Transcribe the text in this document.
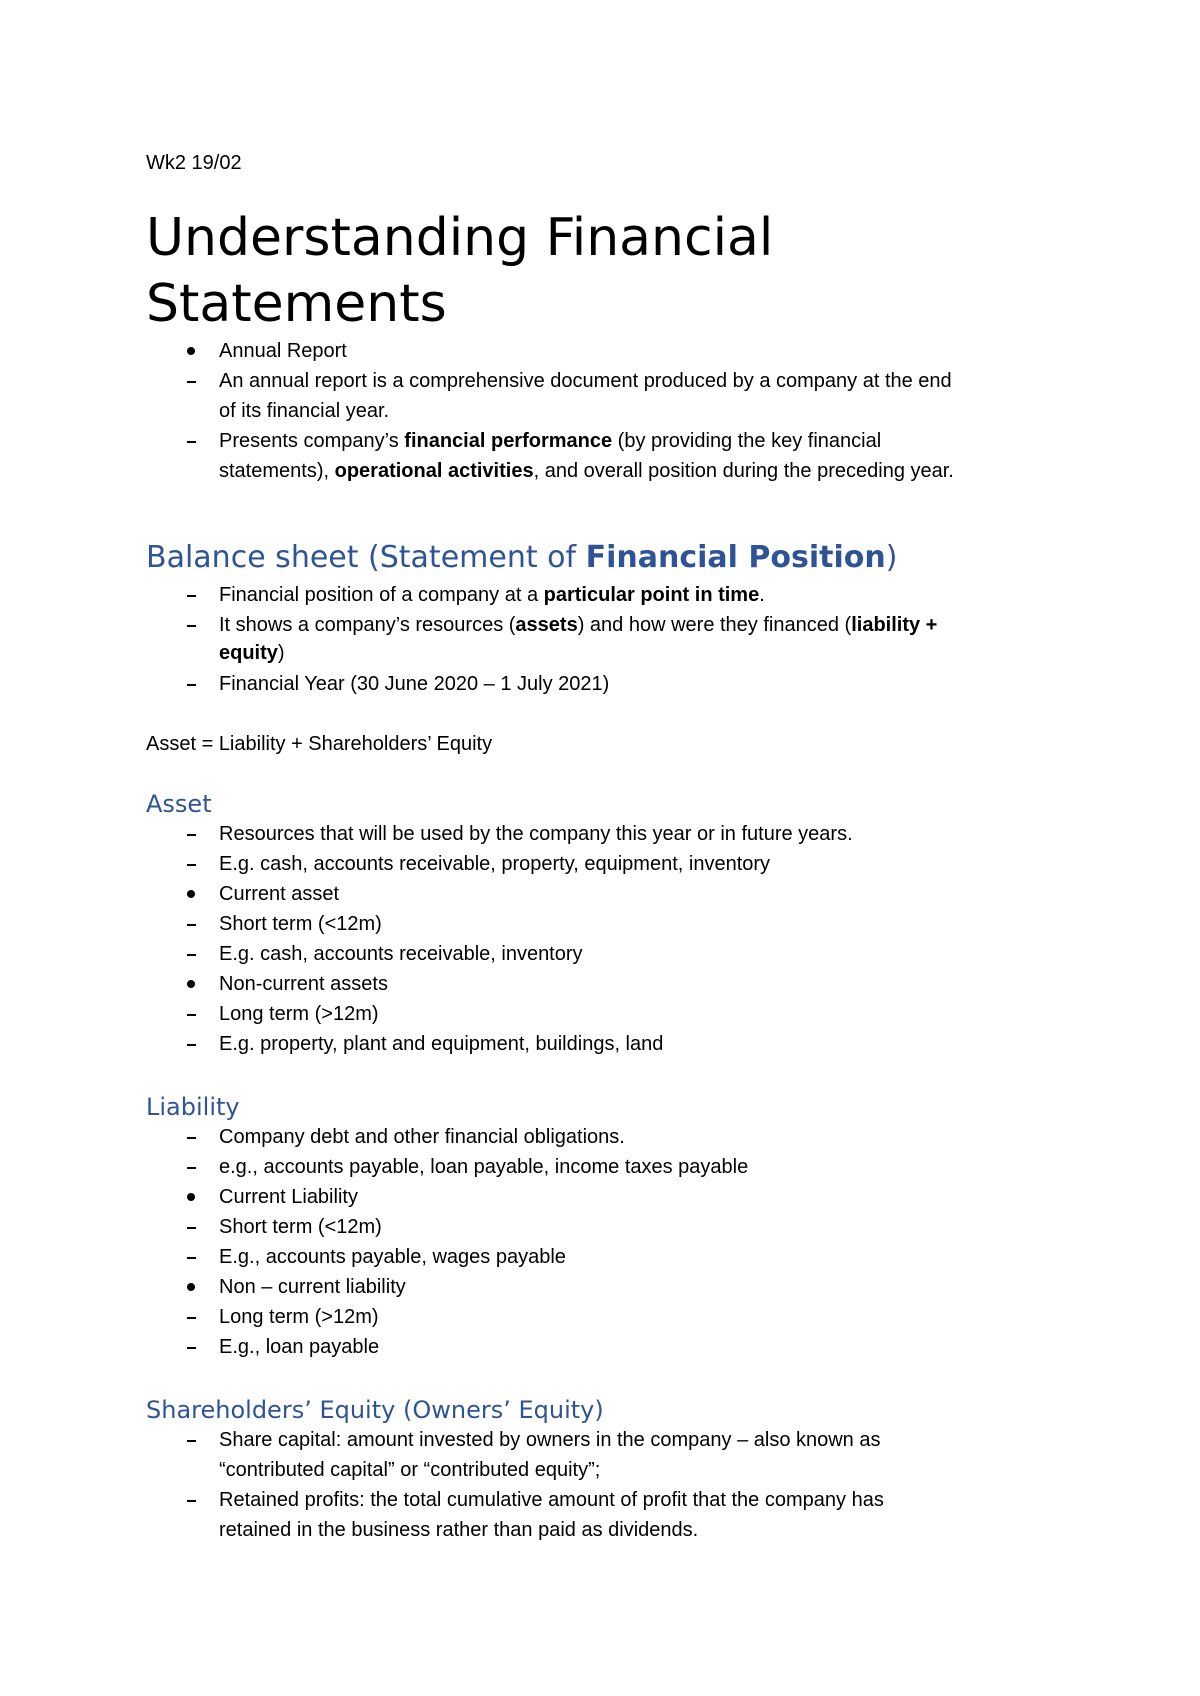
Wk2 19/02
Understanding Financial
Statements
Annual Report
An annual report is a comprehensive document produced by a company at the end
of its financial year.
Presents company’s financial performance (by providing the key financial
statements), operational activities, and overall position during the preceding year.
Balance sheet (Statement of Financial Position)
Financial position of a company at a particular point in time.
It shows a company’s resources (assets) and how were they financed (liability +
equity)
Financial Year (30 June 2020 – 1 July 2021)
Asset = Liability + Shareholders’ Equity
Asset
Resources that will be used by the company this year or in future years.
E.g. cash, accounts receivable, property, equipment, inventory
Current asset
Short term (<12m)
E.g. cash, accounts receivable, inventory
Non-current assets
Long term (>12m)
E.g. property, plant and equipment, buildings, land
Liability
Company debt and other financial obligations.
e.g., accounts payable, loan payable, income taxes payable
Current Liability
Short term (<12m)
E.g., accounts payable, wages payable
Non – current liability
Long term (>12m)
E.g., loan payable
Shareholders’ Equity (Owners’ Equity)
Share capital: amount invested by owners in the company – also known as
“contributed capital” or “contributed equity”;
Retained profits: the total cumulative amount of profit that the company has
retained in the business rather than paid as dividends.
